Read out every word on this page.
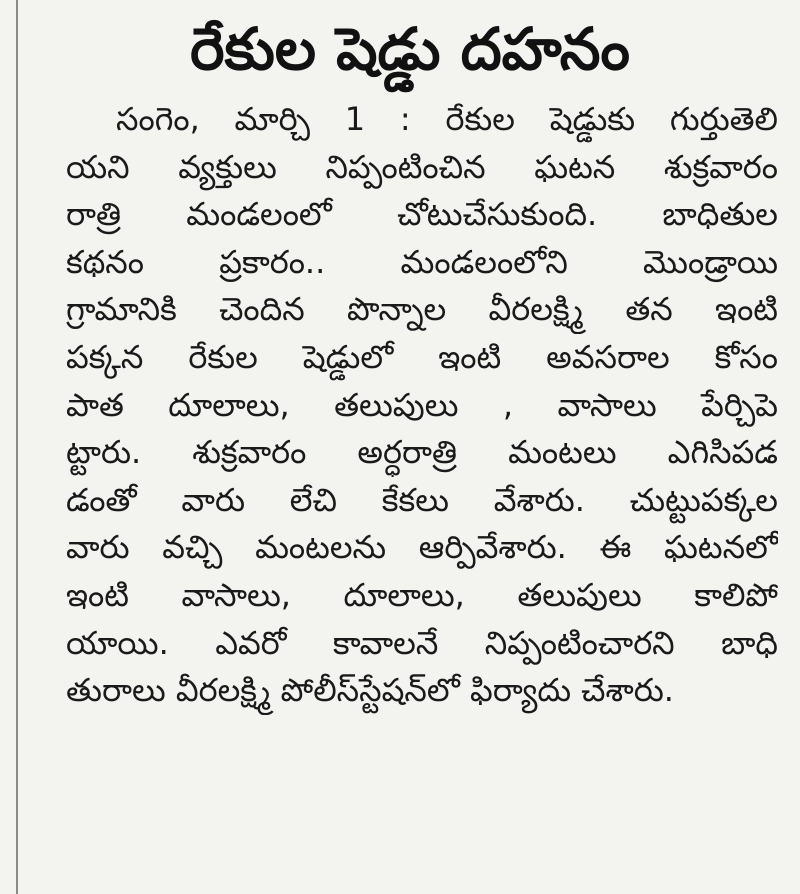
రేకుల షెడ్డు దహనం
సంగెం, మార్చి 1 : రేకుల షెడ్డుకు గుర్తుతెలి
యని వ్యక్తులు నిప్పంటించిన ఘటన శుక్రవారం
రాత్రి మండలంలో చోటుచేసుకుంది. బాధితుల
కథనం ప్రకారం.. మండలంలోని మొండ్రాయి
గ్రామానికి చెందిన పొన్నాల వీరలక్ష్మి తన ఇంటి
పక్కన రేకుల షెడ్డులో ఇంటి అవసరాల కోసం
పాత దూలాలు, తలుపులు , వాసాలు పేర్చిపె
ట్టారు. శుక్రవారం అర్ధరాత్రి మంటలు ఎగిసిపడ
డంతో వారు లేచి కేకలు వేశారు. చుట్టుపక్కల
వారు వచ్చి మంటలను ఆర్పివేశారు. ఈ ఘటనలో
ఇంటి వాసాలు, దూలాలు, తలుపులు కాలిపో
యాయి. ఎవరో కావాలనే నిప్పంటించారని బాధి
తురాలు వీరలక్ష్మి పోలీస్‌స్టేషన్‌లో ఫిర్యాదు చేశారు.
